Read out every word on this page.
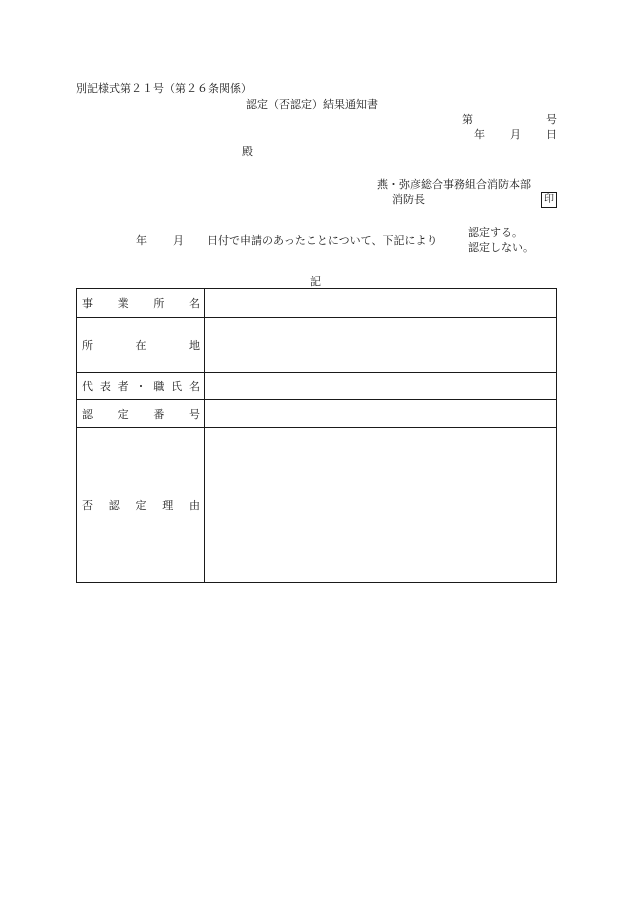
別記様式第２１号（第２６条関係）
認定（否認定）結果通知書
第	号
年 月 日
殿
燕・弥彦総合事務組合消防本部
消防長	印
年 月 日付で申請のあったことについて、下記により
認定する。
認定しない。
記
事業所名	

所在地	

代表者・職氏名	

認定番号	

否認定理由	
